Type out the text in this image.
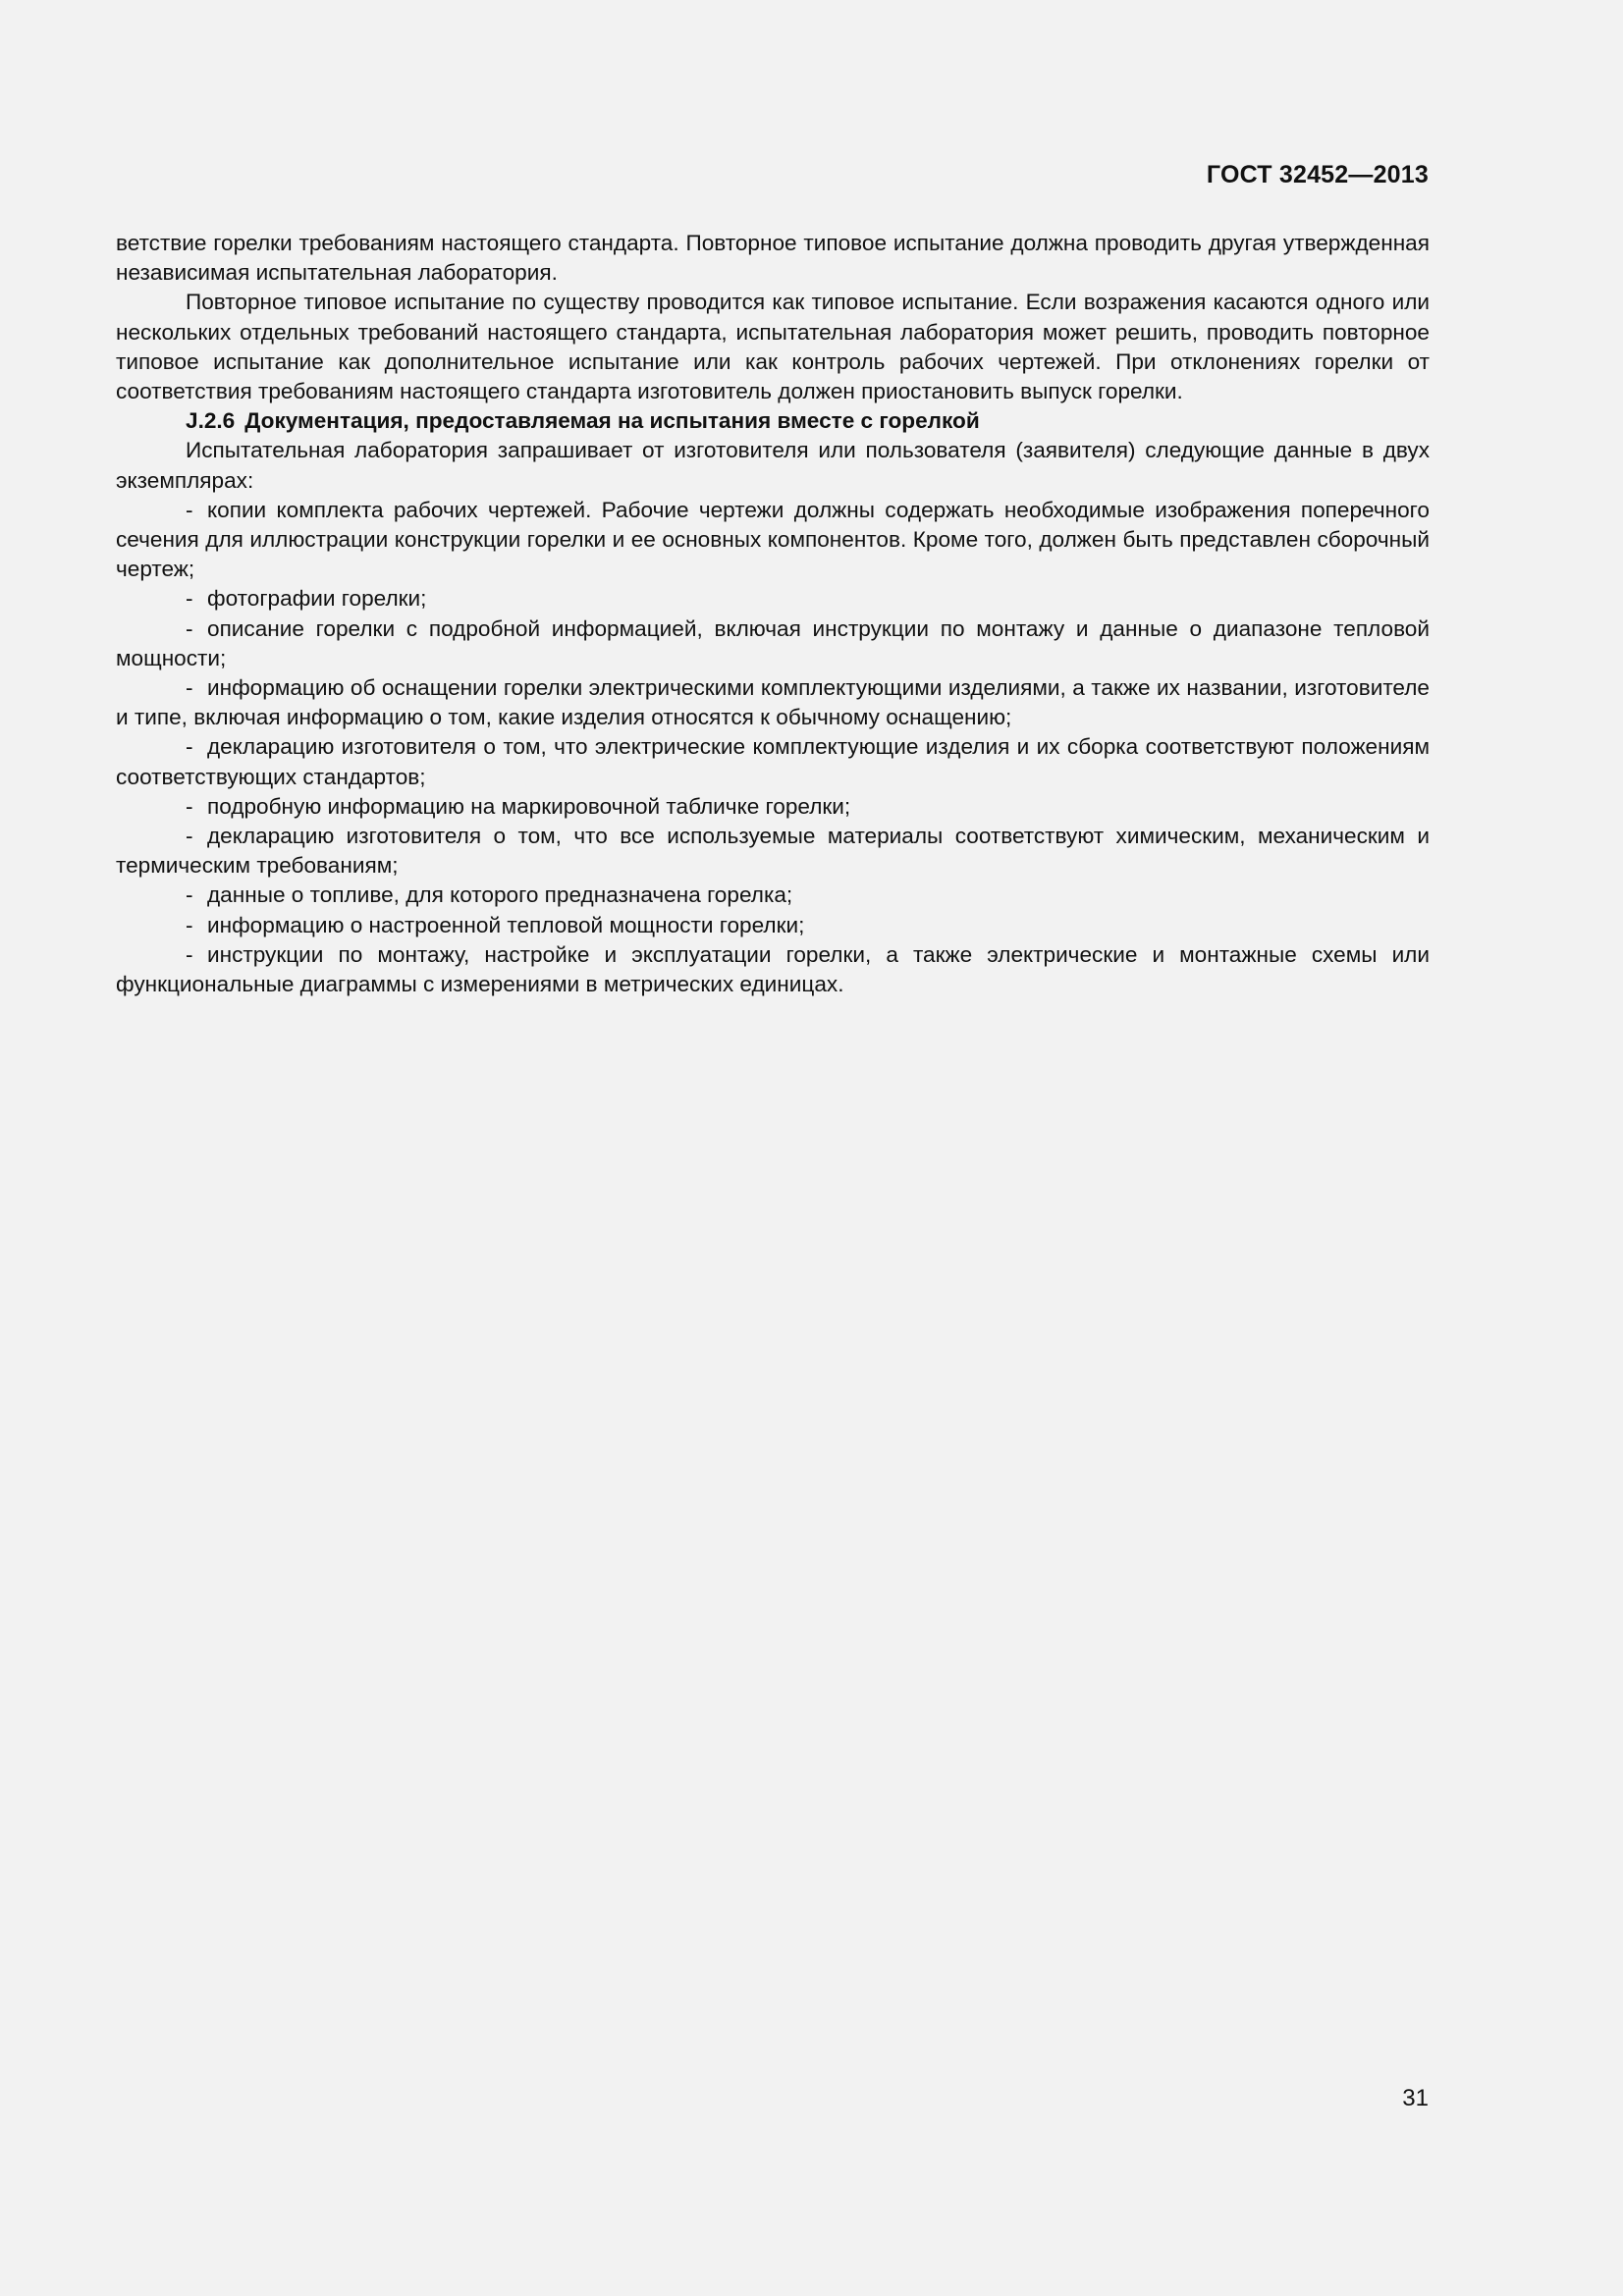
ГОСТ 32452—2013

ветствие горелки требованиям настоящего стандарта. Повторное типовое испытание должна проводить другая утвержденная независимая испытательная лаборатория.

Повторное типовое испытание по существу проводится как типовое испытание. Если возражения касаются одного или нескольких отдельных требований настоящего стандарта, испытательная лаборатория может решить, проводить повторное типовое испытание как дополнительное испытание или как контроль рабочих чертежей. При отклонениях горелки от соответствия требованиям настоящего стандарта изготовитель должен приостановить выпуск горелки.

J.2.6 Документация, предоставляемая на испытания вместе с горелкой

Испытательная лаборатория запрашивает от изготовителя или пользователя (заявителя) следующие данные в двух экземплярах:

- копии комплекта рабочих чертежей. Рабочие чертежи должны содержать необходимые изображения поперечного сечения для иллюстрации конструкции горелки и ее основных компонентов. Кроме того, должен быть представлен сборочный чертеж;

- фотографии горелки;

- описание горелки с подробной информацией, включая инструкции по монтажу и данные о диапазоне тепловой мощности;

- информацию об оснащении горелки электрическими комплектующими изделиями, а также их названии, изготовителе и типе, включая информацию о том, какие изделия относятся к обычному оснащению;

- декларацию изготовителя о том, что электрические комплектующие изделия и их сборка соответствуют положениям соответствующих стандартов;

- подробную информацию на маркировочной табличке горелки;

- декларацию изготовителя о том, что все используемые материалы соответствуют химическим, механическим и термическим требованиям;

- данные о топливе, для которого предназначена горелка;

- информацию о настроенной тепловой мощности горелки;

- инструкции по монтажу, настройке и эксплуатации горелки, а также электрические и монтажные схемы или функциональные диаграммы с измерениями в метрических единицах.

31
